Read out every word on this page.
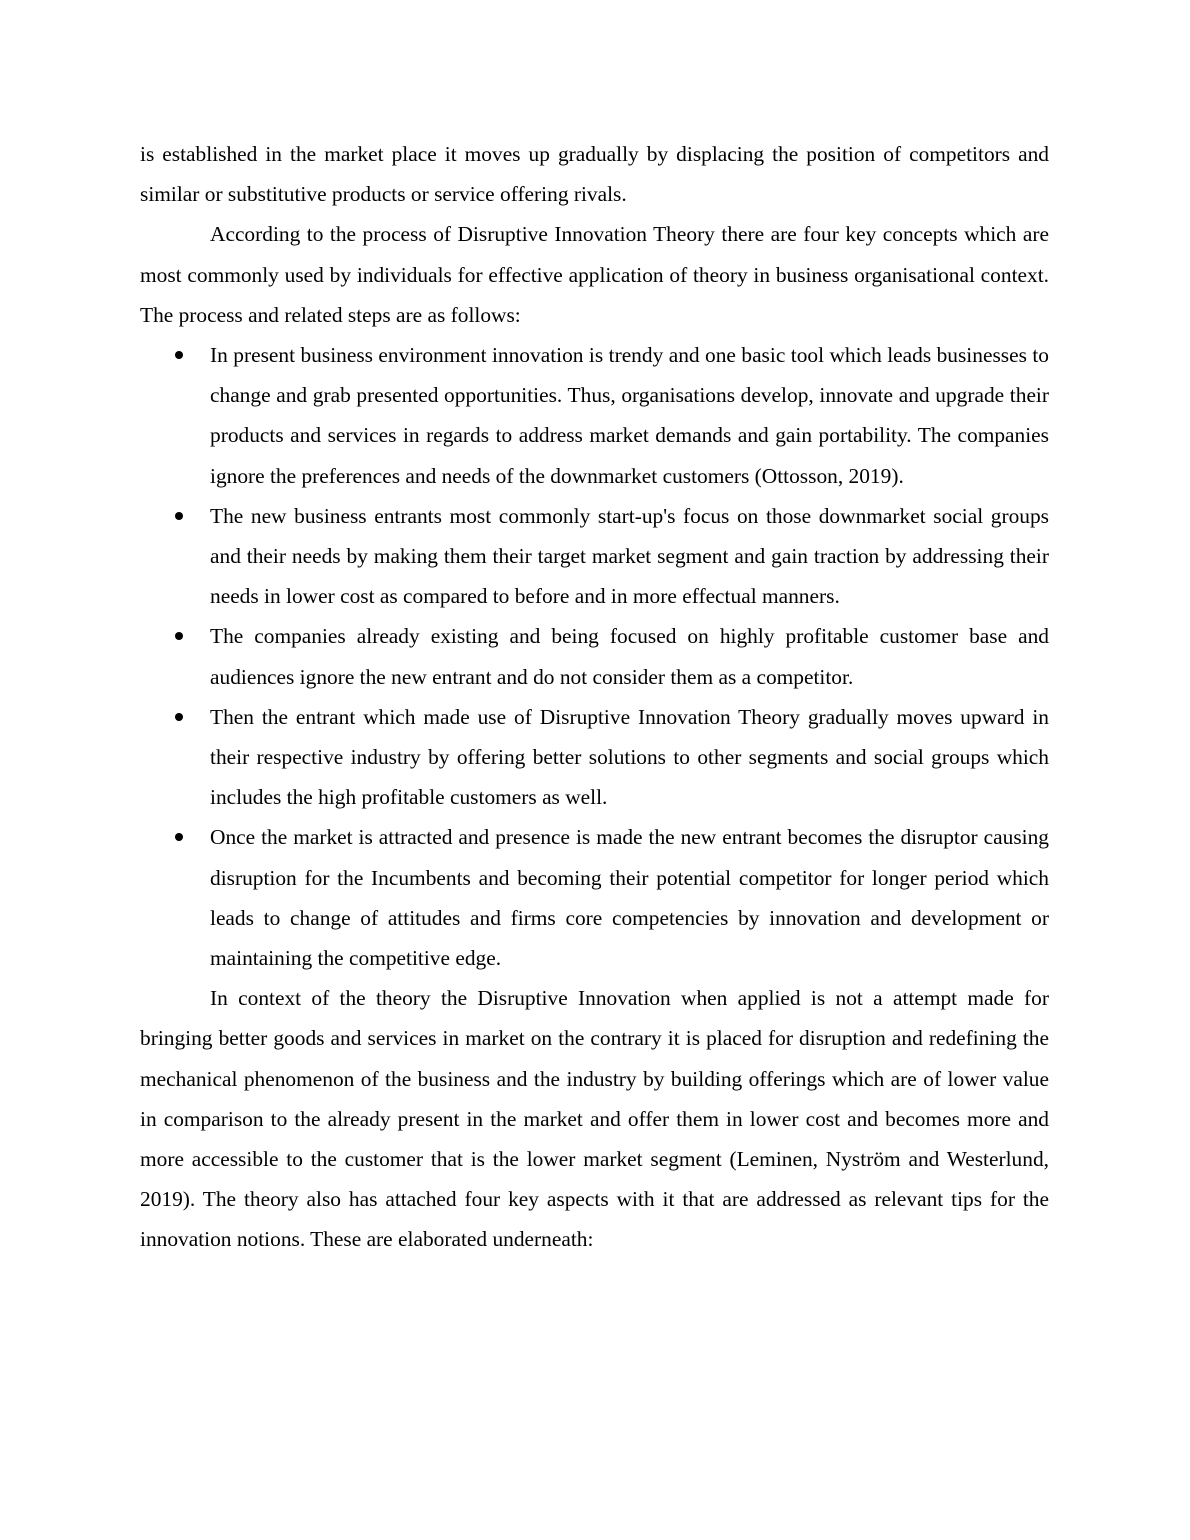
is established in the market place it moves up gradually by displacing the position of competitors and similar or substitutive products or service offering rivals.

According to the process of Disruptive Innovation Theory there are four key concepts which are most commonly used by individuals for effective application of theory in business organisational context. The process and related steps are as follows:

In present business environment innovation is trendy and one basic tool which leads businesses to change and grab presented opportunities. Thus, organisations develop, innovate and upgrade their products and services in regards to address market demands and gain portability. The companies ignore the preferences and needs of the downmarket customers (Ottosson, 2019).
The new business entrants most commonly start-up's focus on those downmarket social groups and their needs by making them their target market segment and gain traction by addressing their needs in lower cost as compared to before and in more effectual manners.
The companies already existing and being focused on highly profitable customer base and audiences ignore the new entrant and do not consider them as a competitor.
Then the entrant which made use of Disruptive Innovation Theory gradually moves upward in their respective industry by offering better solutions to other segments and social groups which includes the high profitable customers as well.
Once the market is attracted and presence is made the new entrant becomes the disruptor causing disruption for the Incumbents and becoming their potential competitor for longer period which leads to change of attitudes and firms core competencies by innovation and development or maintaining the competitive edge.

In context of the theory the Disruptive Innovation when applied is not a attempt made for bringing better goods and services in market on the contrary it is placed for disruption and redefining the mechanical phenomenon of the business and the industry by building offerings which are of lower value in comparison to the already present in the market and offer them in lower cost and becomes more and more accessible to the customer that is the lower market segment (Leminen, Nyström and Westerlund, 2019). The theory also has attached four key aspects with it that are addressed as relevant tips for the innovation notions. These are elaborated underneath:
